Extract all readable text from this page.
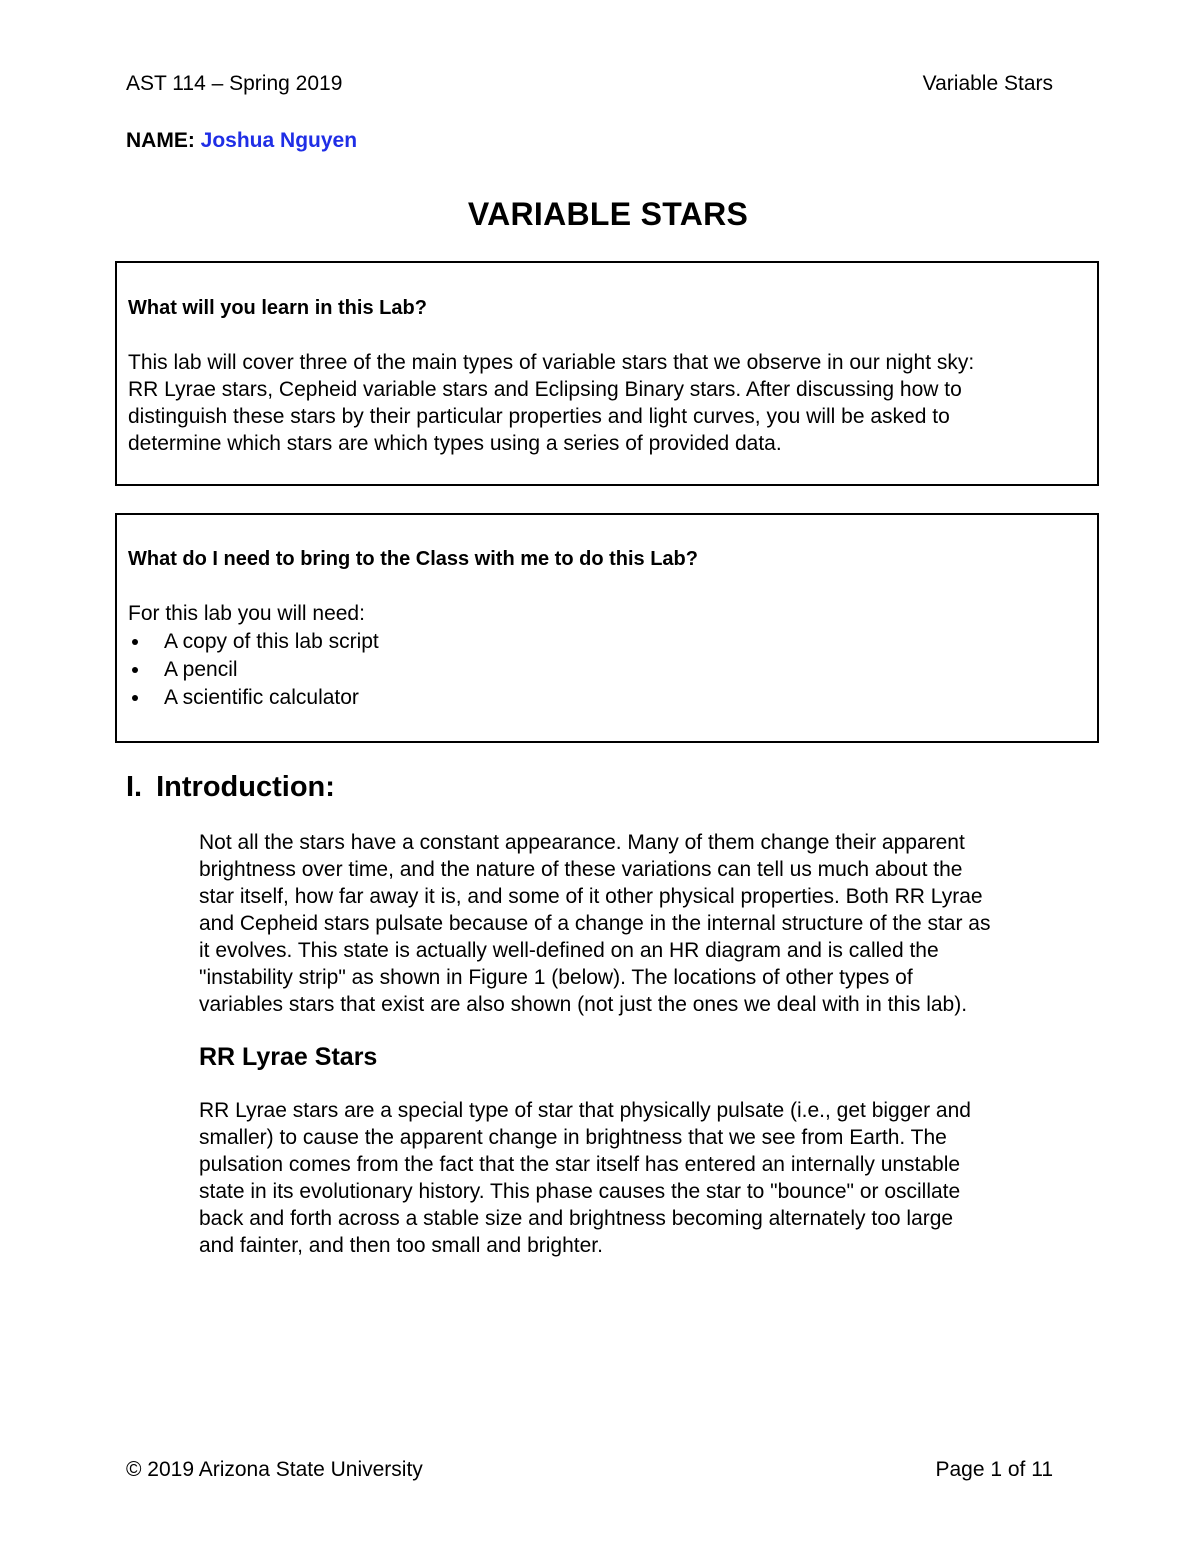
AST 114 – Spring 2019	Variable Stars
NAME: Joshua Nguyen
VARIABLE STARS
What will you learn in this Lab?
This lab will cover three of the main types of variable stars that we observe in our night sky:
RR Lyrae stars, Cepheid variable stars and Eclipsing Binary stars. After discussing how to
distinguish these stars by their particular properties and light curves, you will be asked to
determine which stars are which types using a series of provided data.
What do I need to bring to the Class with me to do this Lab?
For this lab you will need:
A copy of this lab script
A pencil
A scientific calculator
I. Introduction:
Not all the stars have a constant appearance. Many of them change their apparent
brightness over time, and the nature of these variations can tell us much about the
star itself, how far away it is, and some of it other physical properties. Both RR Lyrae
and Cepheid stars pulsate because of a change in the internal structure of the star as
it evolves. This state is actually well-defined on an HR diagram and is called the
"instability strip" as shown in Figure 1 (below). The locations of other types of
variables stars that exist are also shown (not just the ones we deal with in this lab).
RR Lyrae Stars
RR Lyrae stars are a special type of star that physically pulsate (i.e., get bigger and
smaller) to cause the apparent change in brightness that we see from Earth. The
pulsation comes from the fact that the star itself has entered an internally unstable
state in its evolutionary history. This phase causes the star to "bounce" or oscillate
back and forth across a stable size and brightness becoming alternately too large
and fainter, and then too small and brighter.
© 2019 Arizona State University	Page 1 of 11
